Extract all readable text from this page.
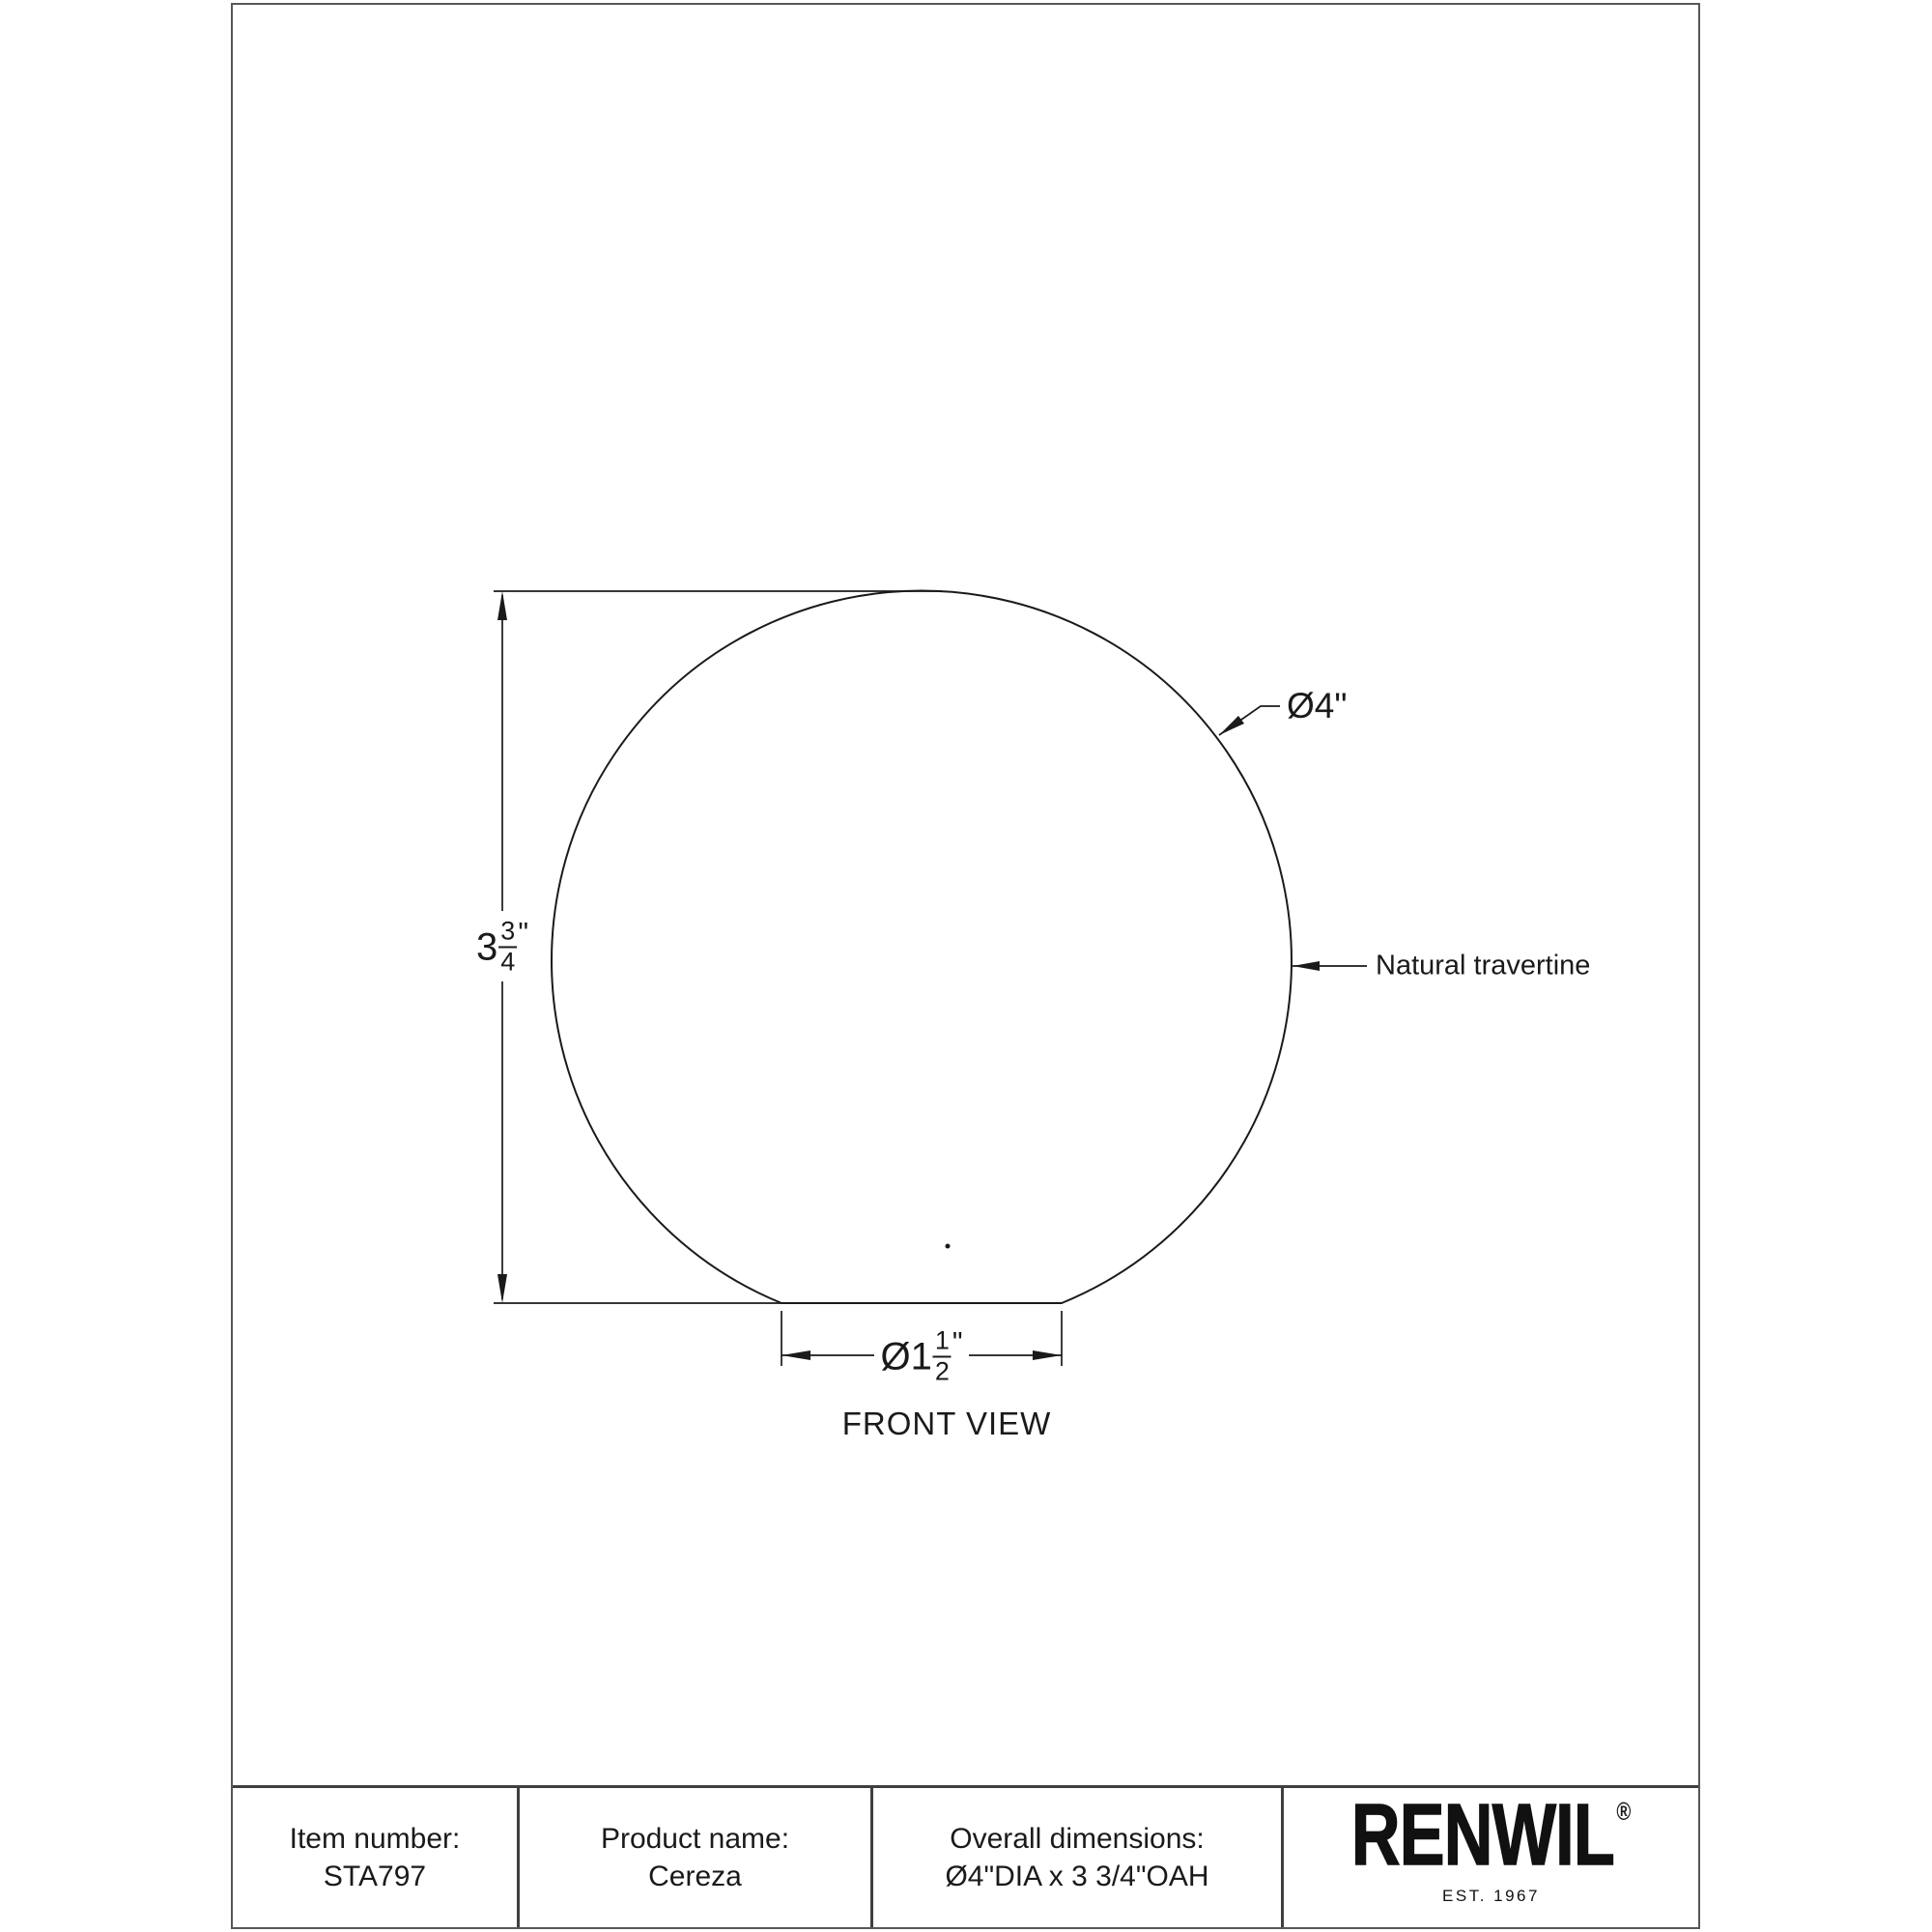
Item number:
STA797
Product name:
Cereza
Overall dimensions:
Ø4"DIA x 3 3/4"OAH RENWIL ®
EST. 1967
$3 \frac{3}{4}$ "
Ø1 $\frac{1}{2}$ "
Ø4"
Natural travertine
FRONT VIEW
